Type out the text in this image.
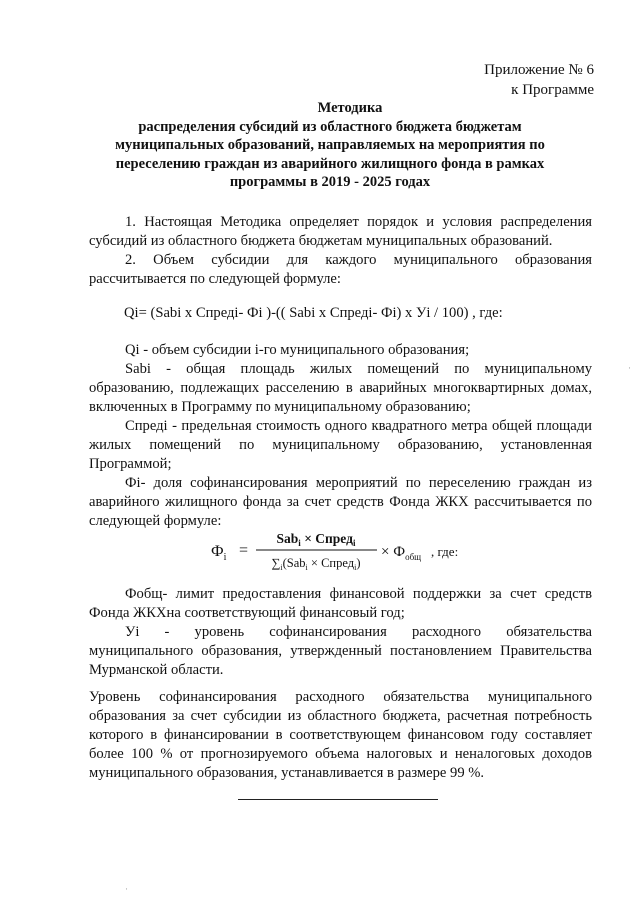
Приложение № 6
к Программе
Методика
распределения субсидий из областного бюджета бюджетам
муниципальных образований, направляемых на мероприятия по
переселению граждан из аварийного жилищного фонда в рамках
программы в 2019 - 2025 годах

1. Настоящая Методика определяет порядок и условия распределения субсидий из областного бюджета бюджетам муниципальных образований.

2. Объем субсидии для каждого муниципального образования рассчитывается по следующей формуле:

Qi= (Sabi х Спреді- Фі )-(( Sabi х Спреді- Фі) х Уі / 100) , где:

Qi - объем субсидии i-го муниципального образования;

Sabi - общая площадь жилых помещений по муниципальному образованию, подлежащих расселению в аварийных многоквартирных домах, включенных в Программу по муниципальному образованию;

Спреді - предельная стоимость одного квадратного метра общей площади жилых помещений по муниципальному образованию, установленная Программой;

Фі- доля софинансирования мероприятий по переселению граждан из аварийного жилищного фонда за счет средств Фонда ЖКХ рассчитывается по следующей формуле:

$Ф_i$ =
Sab$_i$ × Спред$_i$
$\sum_i(Sab_i$ × Спред$_i$)
× $Ф_{общ}$ , где:

Фобщ- лимит предоставления финансовой поддержки за счет средств Фонда ЖКХна соответствующий финансовый год;

Уі - уровень софинансирования расходного обязательства муниципального образования, утвержденный постановлением Правительства Мурманской области.

Уровень софинансирования расходного обязательства муниципального образования за счет субсидии из областного бюджета, расчетная потребность которого в финансировании в соответствующем финансовом году составляет более 100 % от прогнозируемого объема налоговых и неналоговых доходов муниципального образования, устанавливается в размере 99 %.

·
·
